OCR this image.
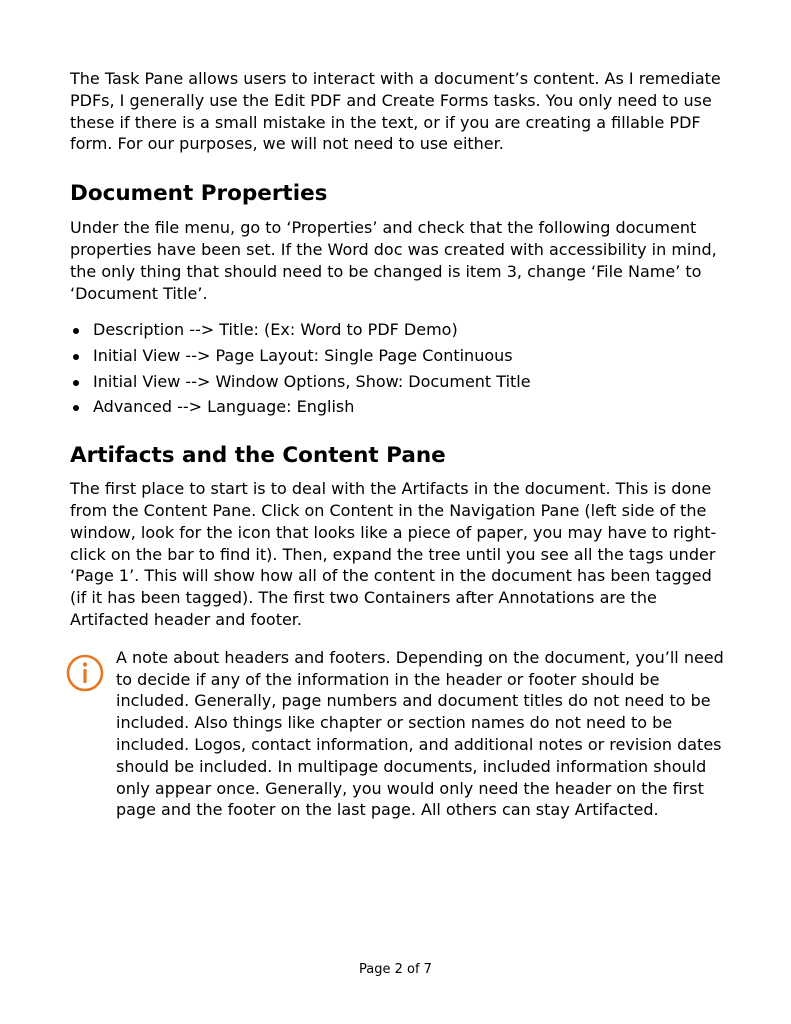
The Task Pane allows users to interact with a document’s content. As I remediate PDFs, I generally use the Edit PDF and Create Forms tasks. You only need to use these if there is a small mistake in the text, or if you are creating a fillable PDF form. For our purposes, we will not need to use either.

Document Properties

Under the file menu, go to ‘Properties’ and check that the following document properties have been set. If the Word doc was created with accessibility in mind, the only thing that should need to be changed is item 3, change ‘File Name’ to ‘Document Title’.

Description --> Title: (Ex: Word to PDF Demo)
Initial View --> Page Layout: Single Page Continuous
Initial View --> Window Options, Show: Document Title
Advanced --> Language: English
Artifacts and the Content Pane

The first place to start is to deal with the Artifacts in the document. This is done from the Content Pane. Click on Content in the Navigation Pane (left side of the window, look for the icon that looks like a piece of paper, you may have to right-click on the bar to find it). Then, expand the tree until you see all the tags under ‘Page 1’. This will show how all of the content in the document has been tagged (if it has been tagged). The first two Containers after Annotations are the Artifacted header and footer.

A note about headers and footers. Depending on the document, you’ll need to decide if any of the information in the header or footer should be included. Generally, page numbers and document titles do not need to be included. Also things like chapter or section names do not need to be included. Logos, contact information, and additional notes or revision dates should be included. In multipage documents, included information should only appear once. Generally, you would only need the header on the first page and the footer on the last page. All others can stay Artifacted.

Page 2 of 7
